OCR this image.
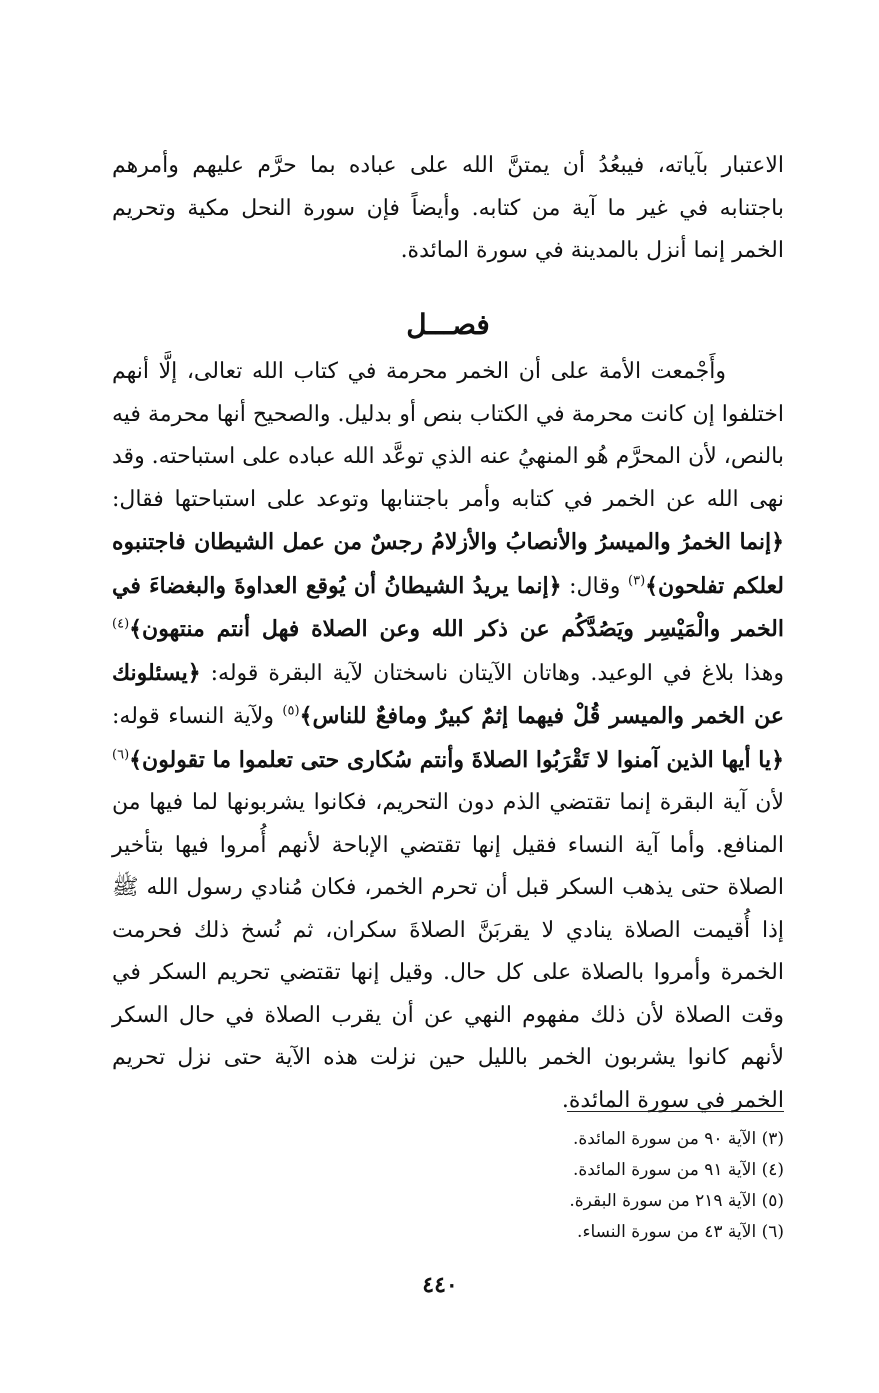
الاعتبار بآياته، فيبعُدُ أن يمتنَّ الله على عباده بما حرَّم عليهم وأمرهم باجتنابه في غير ما آية من كتابه. وأيضاً فإن سورة النحل مكية وتحريم الخمر إنما أنزل بالمدينة في سورة المائدة.

فصـــل

وأَجْمعت الأمة على أن الخمر محرمة في كتاب الله تعالى، إلَّا أنهم اختلفوا إن كانت محرمة في الكتاب بنص أو بدليل. والصحيح أنها محرمة فيه بالنص، لأن المحرَّم هُو المنهيُ عنه الذي توعَّد الله عباده على استباحته. وقد نهى الله عن الخمر في كتابه وأمر باجتنابها وتوعد على استباحتها فقال: ﴿إنما الخمرُ والميسرُ والأنصابُ والأزلامُ رجسٌ من عمل الشيطان فاجتنبوه لعلكم تفلحون﴾$^{(٣)}$ وقال: ﴿إنما يريدُ الشيطانُ أن يُوقع العداوةَ والبغضاءَ في الخمر والْمَيْسِر ويَصُدَّكُم عن ذكر الله وعن الصلاة فهل أنتم منتهون﴾$^{(٤)}$ وهذا بلاغ في الوعيد. وهاتان الآيتان ناسختان لآية البقرة قوله: ﴿يسئلونك عن الخمر والميسر قُلْ فيهما إثمٌ كبيرٌ ومافعٌ للناس﴾$^{(٥)}$ ولآية النساء قوله: ﴿يا أيها الذين آمنوا لا تَقْرَبُوا الصلاةَ وأنتم سُكارى حتى تعلموا ما تقولون﴾$^{(٦)}$ لأن آية البقرة إنما تقتضي الذم دون التحريم، فكانوا يشربونها لما فيها من المنافع. وأما آية النساء فقيل إنها تقتضي الإباحة لأنهم أُمروا فيها بتأخير الصلاة حتى يذهب السكر قبل أن تحرم الخمر، فكان مُنادي رسول الله ﷺ إذا أُقيمت الصلاة ينادي لا يقربَنَّ الصلاةَ سكران، ثم نُسخ ذلك فحرمت الخمرة وأمروا بالصلاة على كل حال. وقيل إنها تقتضي تحريم السكر في وقت الصلاة لأن ذلك مفهوم النهي عن أن يقرب الصلاة في حال السكر لأنهم كانوا يشربون الخمر بالليل حين نزلت هذه الآية حتى نزل تحريم الخمر في سورة المائدة.

(٣) الآية ٩٠ من سورة المائدة.
(٤) الآية ٩١ من سورة المائدة.
(٥) الآية ٢١٩ من سورة البقرة.
(٦) الآية ٤٣ من سورة النساء.
٤٤٠
